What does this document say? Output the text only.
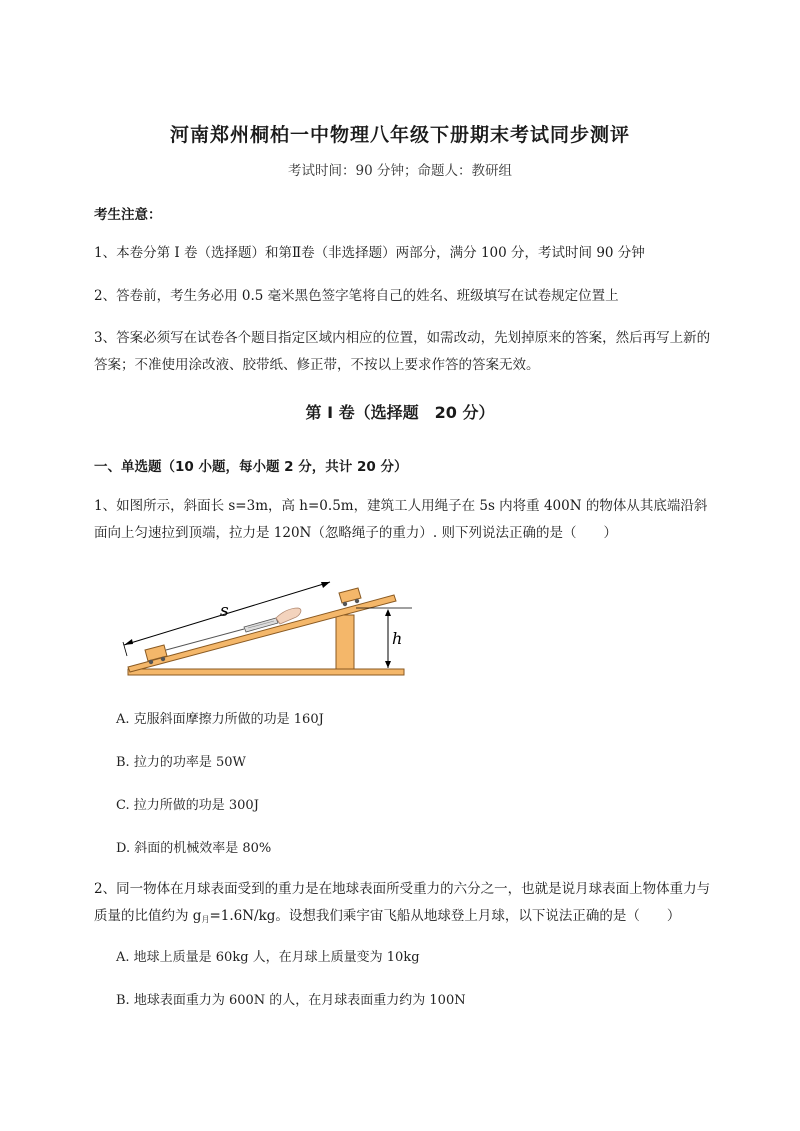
河南郑州桐柏一中物理八年级下册期末考试同步测评
考试时间：90 分钟；命题人：教研组
考生注意：
1、本卷分第 I 卷（选择题）和第Ⅱ卷（非选择题）两部分，满分 100 分，考试时间 90 分钟
2、答卷前，考生务必用 0.5 毫米黑色签字笔将自己的姓名、班级填写在试卷规定位置上
3、答案必须写在试卷各个题目指定区域内相应的位置，如需改动，先划掉原来的答案，然后再写上新的答案；不准使用涂改液、胶带纸、修正带，不按以上要求作答的答案无效。
第 I 卷（选择题　20 分）
一、单选题（10 小题，每小题 2 分，共计 20 分）
1、如图所示，斜面长 s=3m，高 h=0.5m，建筑工人用绳子在 5s 内将重 400N 的物体从其底端沿斜面向上匀速拉到顶端，拉力是 120N（忽略绳子的重力）. 则下列说法正确的是（　　）
s
h
A. 克服斜面摩擦力所做的功是 160J
B. 拉力的功率是 50W
C. 拉力所做的功是 300J
D. 斜面的机械效率是 80%
2、同一物体在月球表面受到的重力是在地球表面所受重力的六分之一，也就是说月球表面上物体重力与质量的比值约为 $g_月=1.6N/kg$。设想我们乘宇宙飞船从地球登上月球，以下说法正确的是（　　）
A. 地球上质量是 60kg 人，在月球上质量变为 10kg
B. 地球表面重力为 600N 的人，在月球表面重力约为 100N
